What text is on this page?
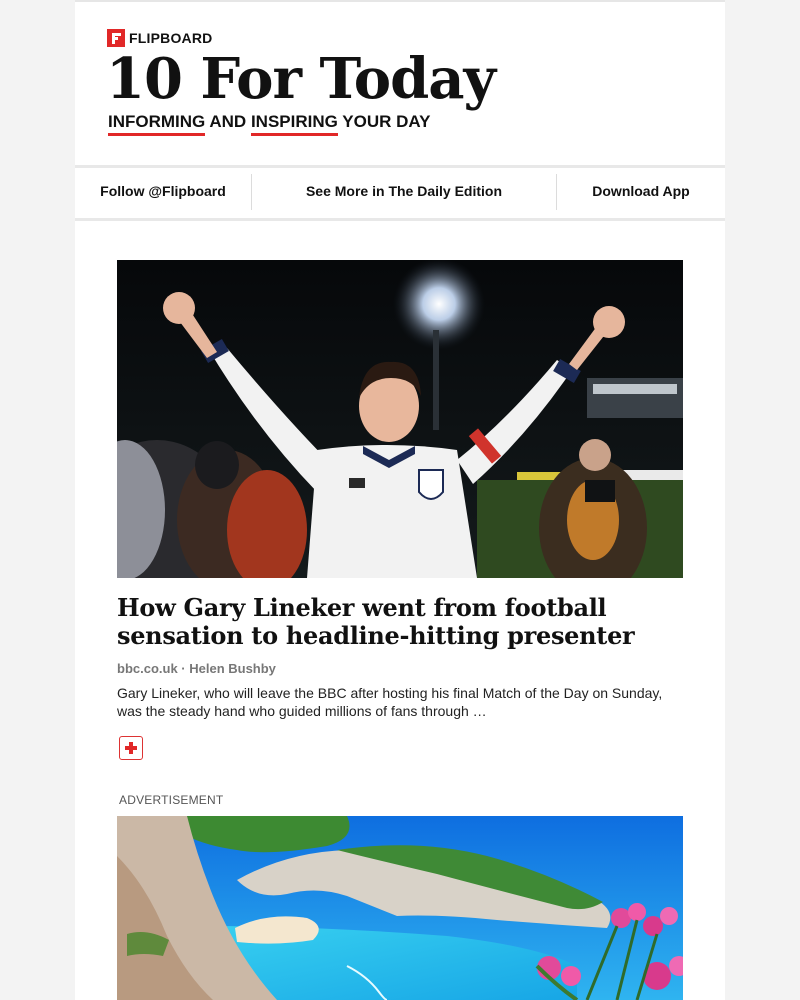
FLIPBOARD
10 For Today
INFORMING AND INSPIRING YOUR DAY
Follow @Flipboard	See More in The Daily Edition	Download App
How Gary Lineker went from football sensation to headline-hitting presenter
bbc.co.uk · Helen Bushby
Gary Lineker, who will leave the BBC after hosting his final Match of the Day on Sunday, was the steady hand who guided millions of fans through …
ADVERTISEMENT
